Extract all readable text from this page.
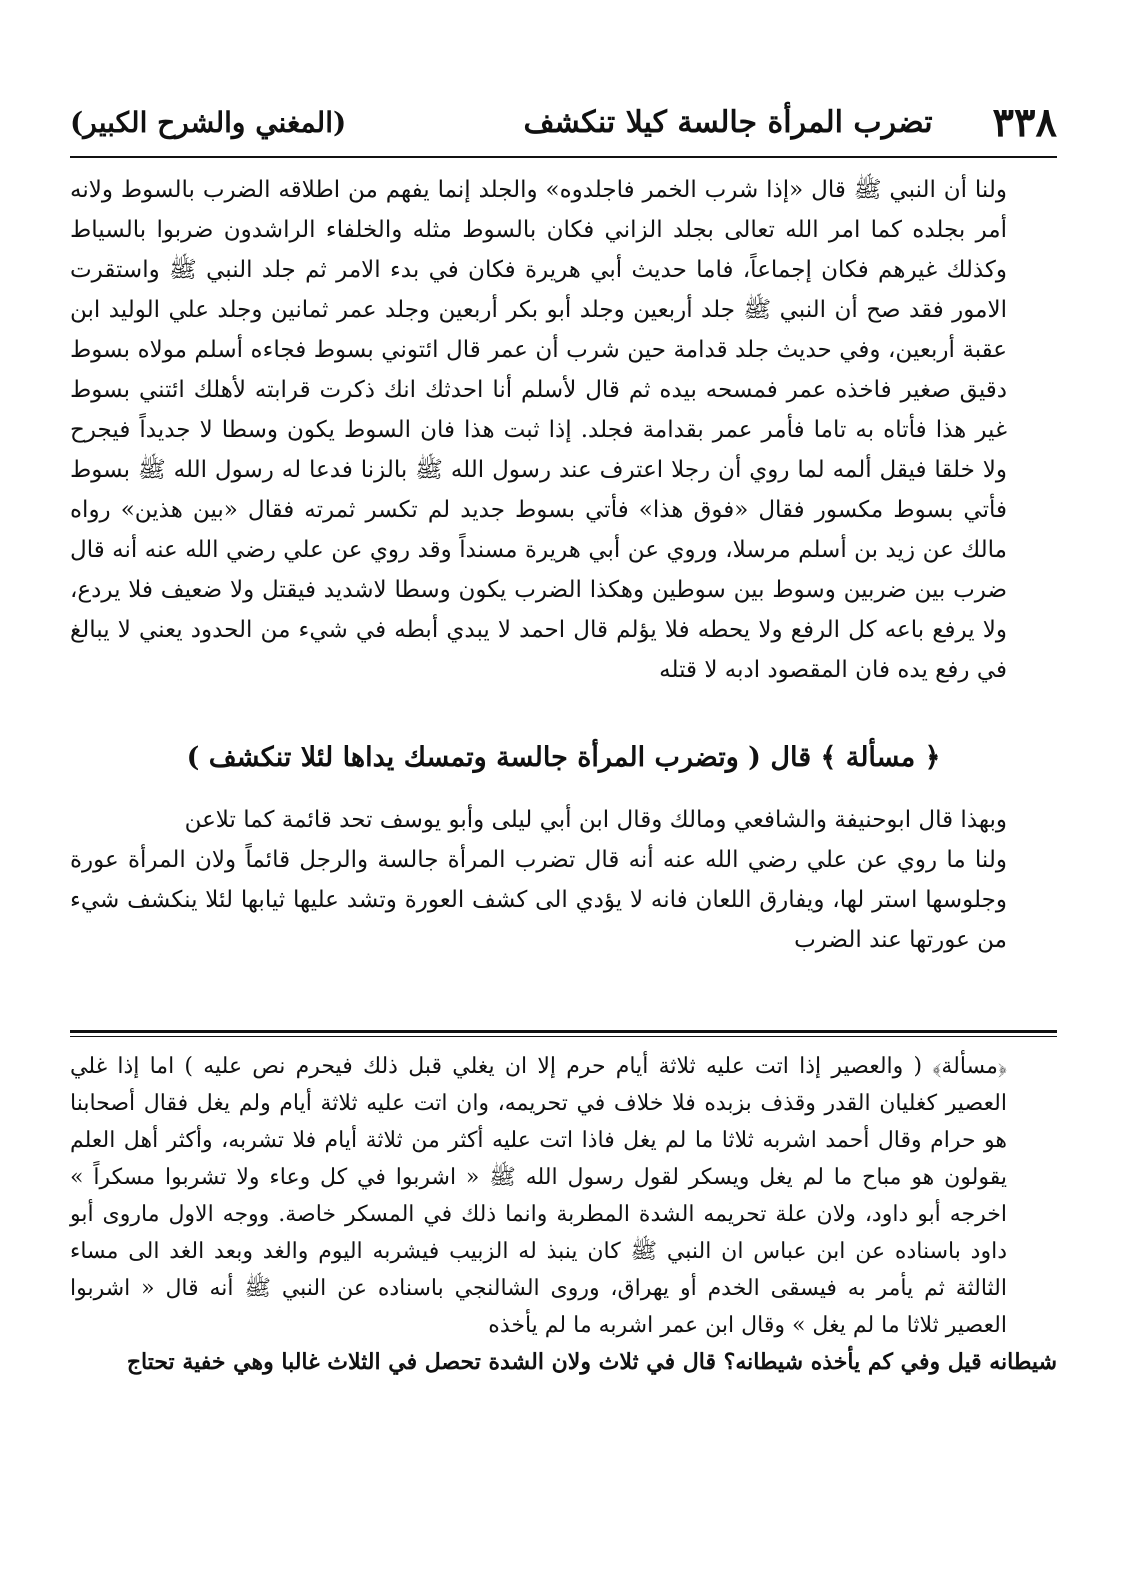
٣٣٨
تضرب المرأة جالسة كيلا تنكشف
(المغني والشرح الكبير)

ولنا أن النبي ﷺ قال «إذا شرب الخمر فاجلدوه» والجلد إنما يفهم من اطلاقه الضرب بالسوط ولانه أمر بجلده كما امر الله تعالى بجلد الزاني فكان بالسوط مثله والخلفاء الراشدون ضربوا بالسياط وكذلك غيرهم فكان إجماعاً، فاما حديث أبي هريرة فكان في بدء الامر ثم جلد النبي ﷺ واستقرت الامور فقد صح أن النبي ﷺ جلد أربعين وجلد أبو بكر أربعين وجلد عمر ثمانين وجلد علي الوليد ابن عقبة أربعين، وفي حديث جلد قدامة حين شرب أن عمر قال ائتوني بسوط فجاءه أسلم مولاه بسوط دقيق صغير فاخذه عمر فمسحه بيده ثم قال لأسلم أنا احدثك انك ذكرت قرابته لأهلك ائتني بسوط غير هذا فأتاه به تاما فأمر عمر بقدامة فجلد. إذا ثبت هذا فان السوط يكون وسطا لا جديداً فيجرح ولا خلقا فيقل ألمه لما روي أن رجلا اعترف عند رسول الله ﷺ بالزنا فدعا له رسول الله ﷺ بسوط فأتي بسوط مكسور فقال «فوق هذا» فأتي بسوط جديد لم تكسر ثمرته فقال «بين هذين» رواه مالك عن زيد بن أسلم مرسلا، وروي عن أبي هريرة مسنداً وقد روي عن علي رضي الله عنه أنه قال ضرب بين ضربين وسوط بين سوطين وهكذا الضرب يكون وسطا لاشديد فيقتل ولا ضعيف فلا يردع، ولا يرفع باعه كل الرفع ولا يحطه فلا يؤلم قال احمد لا يبدي أبطه في شيء من الحدود يعني لا يبالغ في رفع يده فان المقصود ادبه لا قتله

﴿ مسألة ﴾ قال ( وتضرب المرأة جالسة وتمسك يداها لئلا تنكشف )

وبهذا قال ابوحنيفة والشافعي ومالك وقال ابن أبي ليلى وأبو يوسف تحد قائمة كما تلاعن

ولنا ما روي عن علي رضي الله عنه أنه قال تضرب المرأة جالسة والرجل قائماً ولان المرأة عورة وجلوسها استر لها، ويفارق اللعان فانه لا يؤدي الى كشف العورة وتشد عليها ثيابها لئلا ينكشف شيء من عورتها عند الضرب

﴿مسألة﴾ ( والعصير إذا اتت عليه ثلاثة أيام حرم إلا ان يغلي قبل ذلك فيحرم نص عليه ) اما إذا غلي العصير كغليان القدر وقذف بزبده فلا خلاف في تحريمه، وان اتت عليه ثلاثة أيام ولم يغل فقال أصحابنا هو حرام وقال أحمد اشربه ثلاثا ما لم يغل فاذا اتت عليه أكثر من ثلاثة أيام فلا تشربه، وأكثر أهل العلم يقولون هو مباح ما لم يغل ويسكر لقول رسول الله ﷺ « اشربوا في كل وعاء ولا تشربوا مسكراً » اخرجه أبو داود، ولان علة تحريمه الشدة المطربة وانما ذلك في المسكر خاصة. ووجه الاول ماروى أبو داود باسناده عن ابن عباس ان النبي ﷺ كان ينبذ له الزبيب فيشربه اليوم والغد وبعد الغد الى مساء الثالثة ثم يأمر به فيسقى الخدم أو يهراق، وروى الشالنجي باسناده عن النبي ﷺ أنه قال « اشربوا العصير ثلاثا ما لم يغل » وقال ابن عمر اشربه ما لم يأخذه

شيطانه قيل وفي كم يأخذه شيطانه؟ قال في ثلاث ولان الشدة تحصل في الثلاث غالبا وهي خفية تحتاج
